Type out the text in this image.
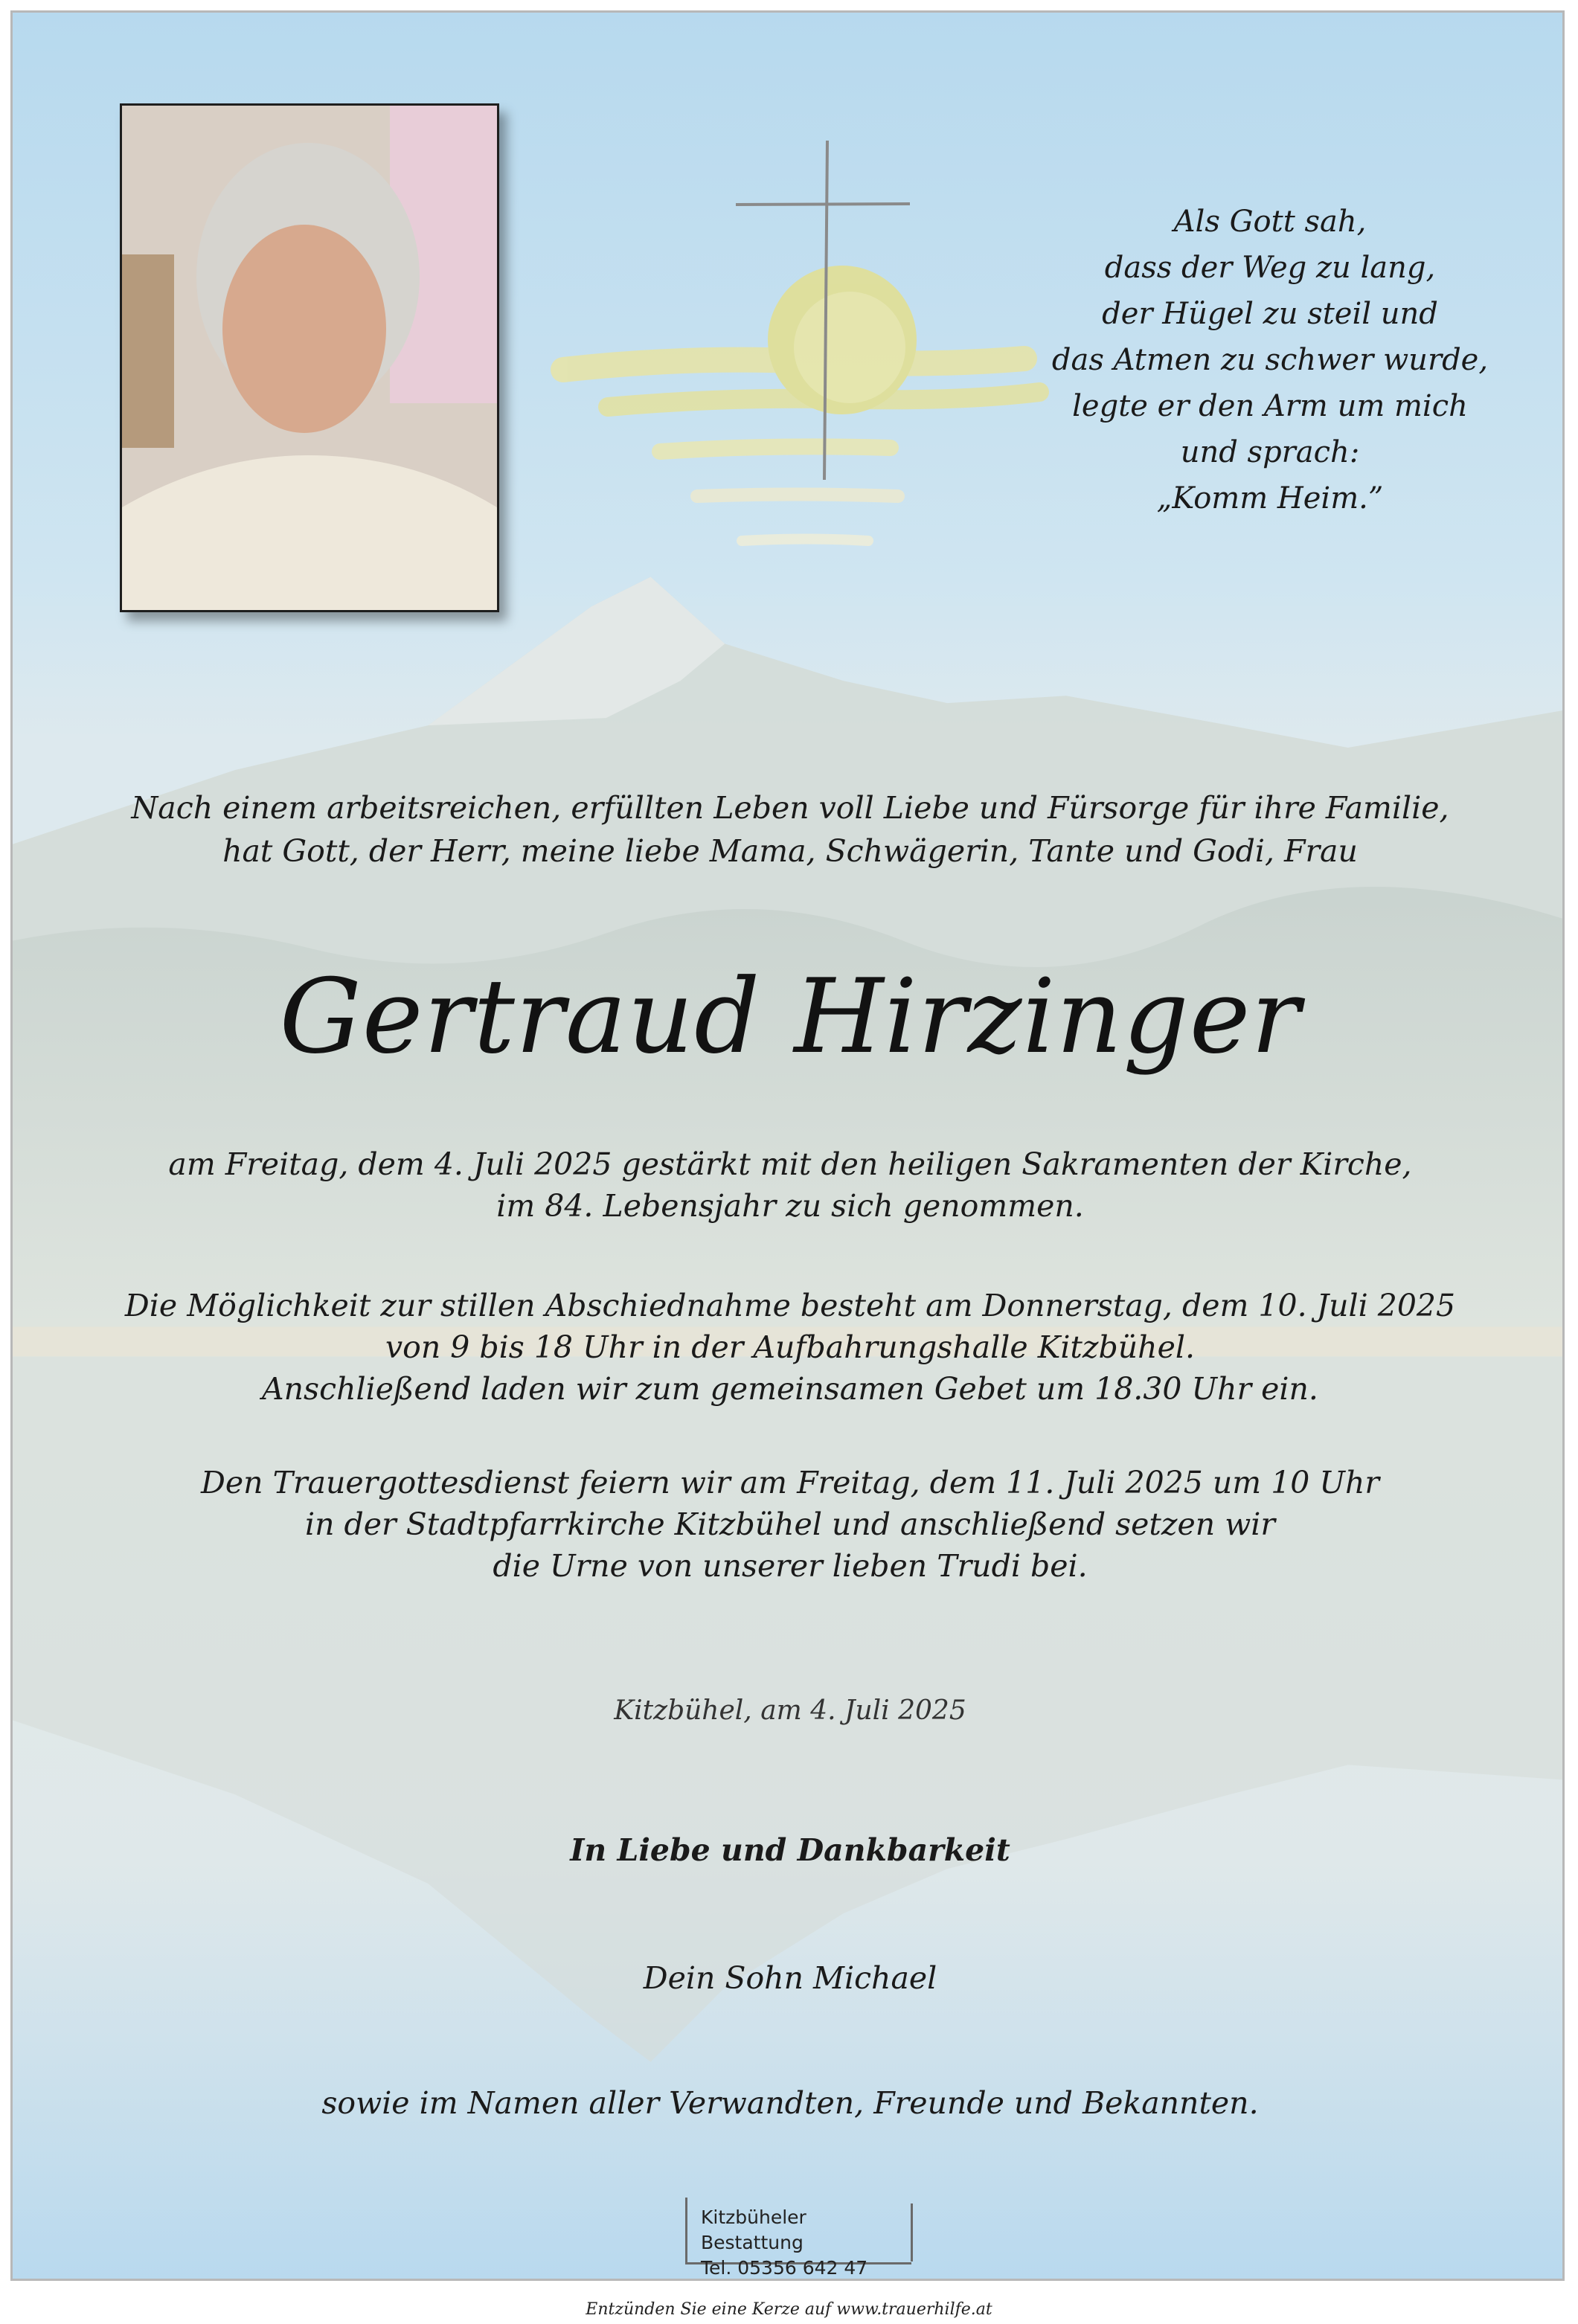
Als Gott sah,
dass der Weg zu lang,
der Hügel zu steil und
das Atmen zu schwer wurde,
legte er den Arm um mich
und sprach:
„Komm Heim.”
Nach einem arbeitsreichen, erfüllten Leben voll Liebe und Fürsorge für ihre Familie,
hat Gott, der Herr, meine liebe Mama, Schwägerin, Tante und Godi, Frau
Gertraud Hirzinger
am Freitag, dem 4. Juli 2025 gestärkt mit den heiligen Sakramenten der Kirche,
im 84. Lebensjahr zu sich genommen.
Die Möglichkeit zur stillen Abschiednahme besteht am Donnerstag, dem 10. Juli 2025
von 9 bis 18 Uhr in der Aufbahrungshalle Kitzbühel.
Anschließend laden wir zum gemeinsamen Gebet um 18.30 Uhr ein.
Den Trauergottesdienst feiern wir am Freitag, dem 11. Juli 2025 um 10 Uhr
in der Stadtpfarrkirche Kitzbühel und anschließend setzen wir
die Urne von unserer lieben Trudi bei.
Kitzbühel, am 4. Juli 2025
In Liebe und Dankbarkeit
Dein Sohn Michael
sowie im Namen aller Verwandten, Freunde und Bekannten.
Kitzbüheler Bestattung
Tel. 05356 642 47
Entzünden Sie eine Kerze auf www.trauerhilfe.at
